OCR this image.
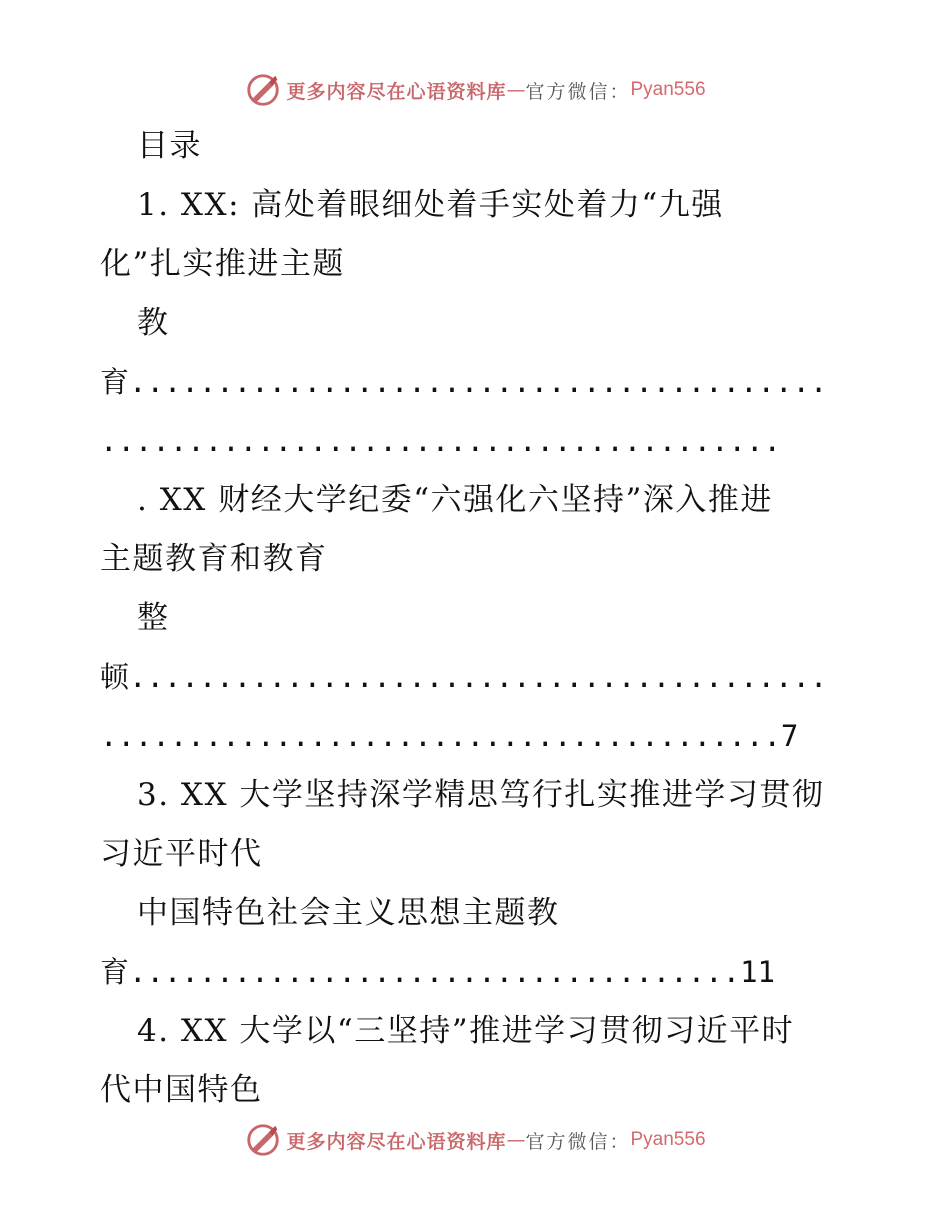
更多内容尽在心语资料库 — 官方微信： Pyan556
目录
1. XX: 高处着眼细处着手实处着力“九强
化”扎实推进主题
教
育........................................
.......................................
. XX 财经大学纪委“六强化六坚持”深入推进
主题教育和教育
整
顿........................................
.......................................7
3. XX 大学坚持深学精思笃行扎实推进学习贯彻
习近平时代
中国特色社会主义思想主题教
育...................................11
4. XX 大学以“三坚持”推进学习贯彻习近平时
代中国特色
更多内容尽在心语资料库 — 官方微信： Pyan556
